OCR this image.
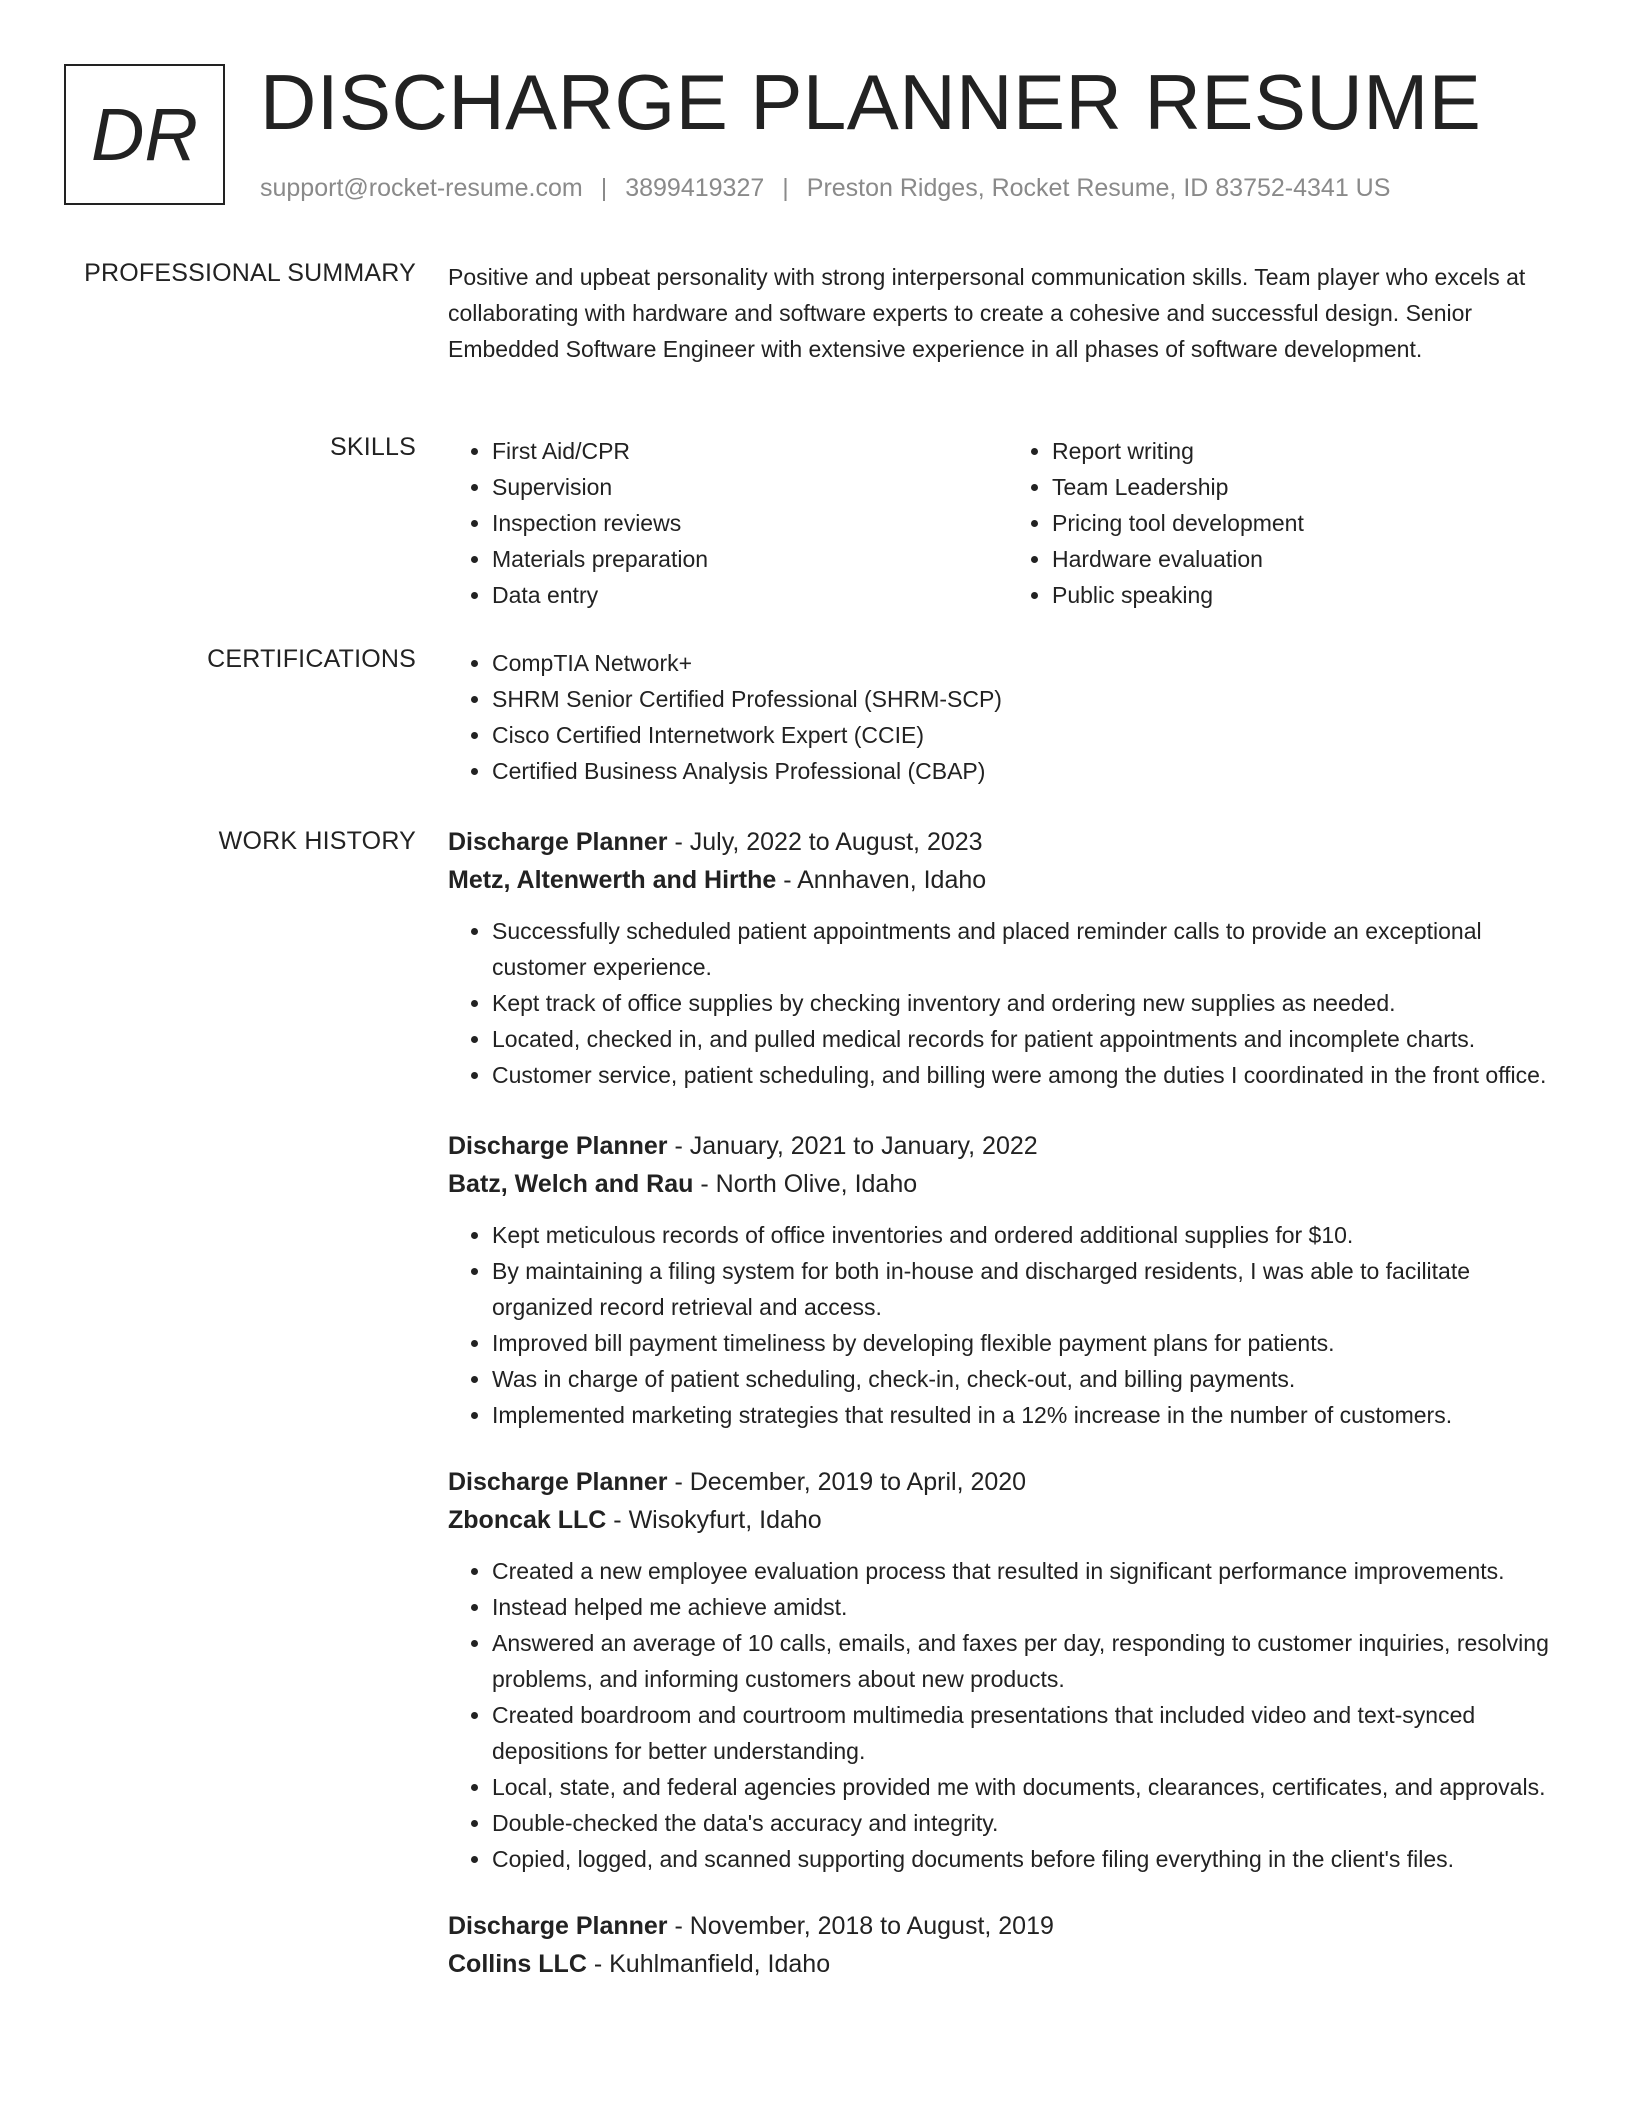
DR DISCHARGE PLANNER RESUME
support@rocket-resume.com | 3899419327 | Preston Ridges, Rocket Resume, ID 83752-4341 US
PROFESSIONAL SUMMARY Positive and upbeat personality with strong interpersonal communication skills. Team player who excels at collaborating with hardware and software experts to create a cohesive and successful design. Senior Embedded Software Engineer with extensive experience in all phases of software development.

SKILLS	• First Aid/CPR
• Supervision
• Inspection reviews
• Materials preparation
• Data entry
• Report writing
• Team Leadership
• Pricing tool development
• Hardware evaluation
• Public speaking
CERTIFICATIONS	• CompTIA Network+
• SHRM Senior Certified Professional (SHRM-SCP)
• Cisco Certified Internetwork Expert (CCIE)
• Certified Business Analysis Professional (CBAP)
WORK HISTORY Discharge Planner - July, 2022 to August, 2023
Metz, Altenwerth and Hirthe - Annhaven, Idaho
• Successfully scheduled patient appointments and placed reminder calls to provide an exceptional customer experience.
• Kept track of office supplies by checking inventory and ordering new supplies as needed.
• Located, checked in, and pulled medical records for patient appointments and incomplete charts.
• Customer service, patient scheduling, and billing were among the duties I coordinated in the front office.
Discharge Planner - January, 2021 to January, 2022
Batz, Welch and Rau - North Olive, Idaho
• Kept meticulous records of office inventories and ordered additional supplies for $10.
• By maintaining a filing system for both in-house and discharged residents, I was able to facilitate organized record retrieval and access.
• Improved bill payment timeliness by developing flexible payment plans for patients.
• Was in charge of patient scheduling, check-in, check-out, and billing payments.
• Implemented marketing strategies that resulted in a 12% increase in the number of customers.
Discharge Planner - December, 2019 to April, 2020
Zboncak LLC - Wisokyfurt, Idaho
• Created a new employee evaluation process that resulted in significant performance improvements.
• Instead helped me achieve amidst.
• Answered an average of 10 calls, emails, and faxes per day, responding to customer inquiries, resolving problems, and informing customers about new products.
• Created boardroom and courtroom multimedia presentations that included video and text-synced depositions for better understanding.
• Local, state, and federal agencies provided me with documents, clearances, certificates, and approvals.
• Double-checked the data's accuracy and integrity.
• Copied, logged, and scanned supporting documents before filing everything in the client's files.
Discharge Planner - November, 2018 to August, 2019
Collins LLC - Kuhlmanfield, Idaho
